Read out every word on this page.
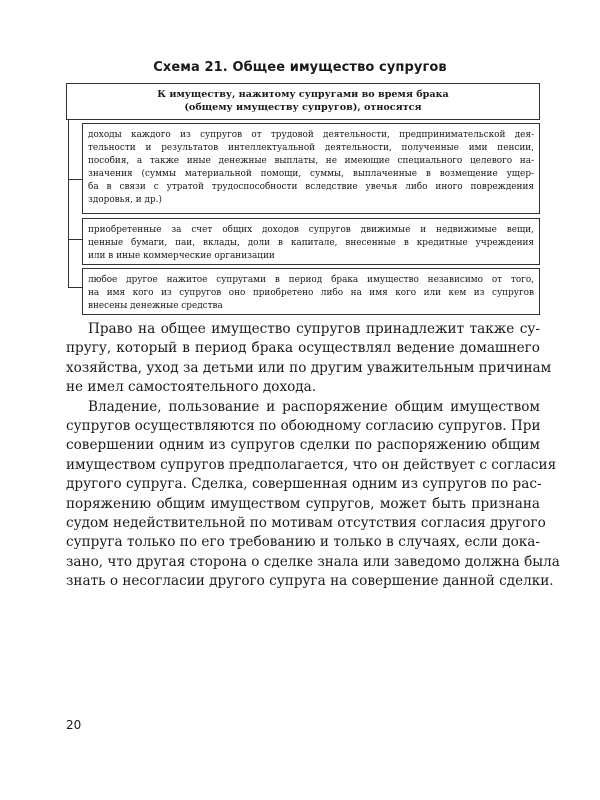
Схема 21. Общее имущество супругов
К имуществу, нажитому супругами во время брака
(общему имуществу супругов), относятся
доходы каждого из супругов от трудовой деятельности, предпринимательской дея-
тельности и результатов интеллектуальной деятельности, полученные ими пенсии,
пособия, а также иные денежные выплаты, не имеющие специального целевого на-
значения (суммы материальной помощи, суммы, выплаченные в возмещение ущер-
ба в связи с утратой трудоспособности вследствие увечья либо иного повреждения
здоровья, и др.)
приобретенные за счет общих доходов супругов движимые и недвижимые вещи,
ценные бумаги, паи, вклады, доли в капитале, внесенные в кредитные учреждения
или в иные коммерческие организации
любое другое нажитое супругами в период брака имущество независимо от того,
на имя кого из супругов оно приобретено либо на имя кого или кем из супругов
внесены денежные средства
Право на общее имущество супругов принадлежит также су-
пругу, который в период брака осуществлял ведение домашнего
хозяйства, уход за детьми или по другим уважительным причинам
не имел самостоятельного дохода.
Владение, пользование и распоряжение общим имуществом
супругов осуществляются по обоюдному согласию супругов. При
совершении одним из супругов сделки по распоряжению общим
имуществом супругов предполагается, что он действует с согласия
другого супруга. Сделка, совершенная одним из супругов по рас-
поряжению общим имуществом супругов, может быть признана
судом недействительной по мотивам отсутствия согласия другого
супруга только по его требованию и только в случаях, если дока-
зано, что другая сторона о сделке знала или заведомо должна была
знать о несогласии другого супруга на совершение данной сделки.
20
